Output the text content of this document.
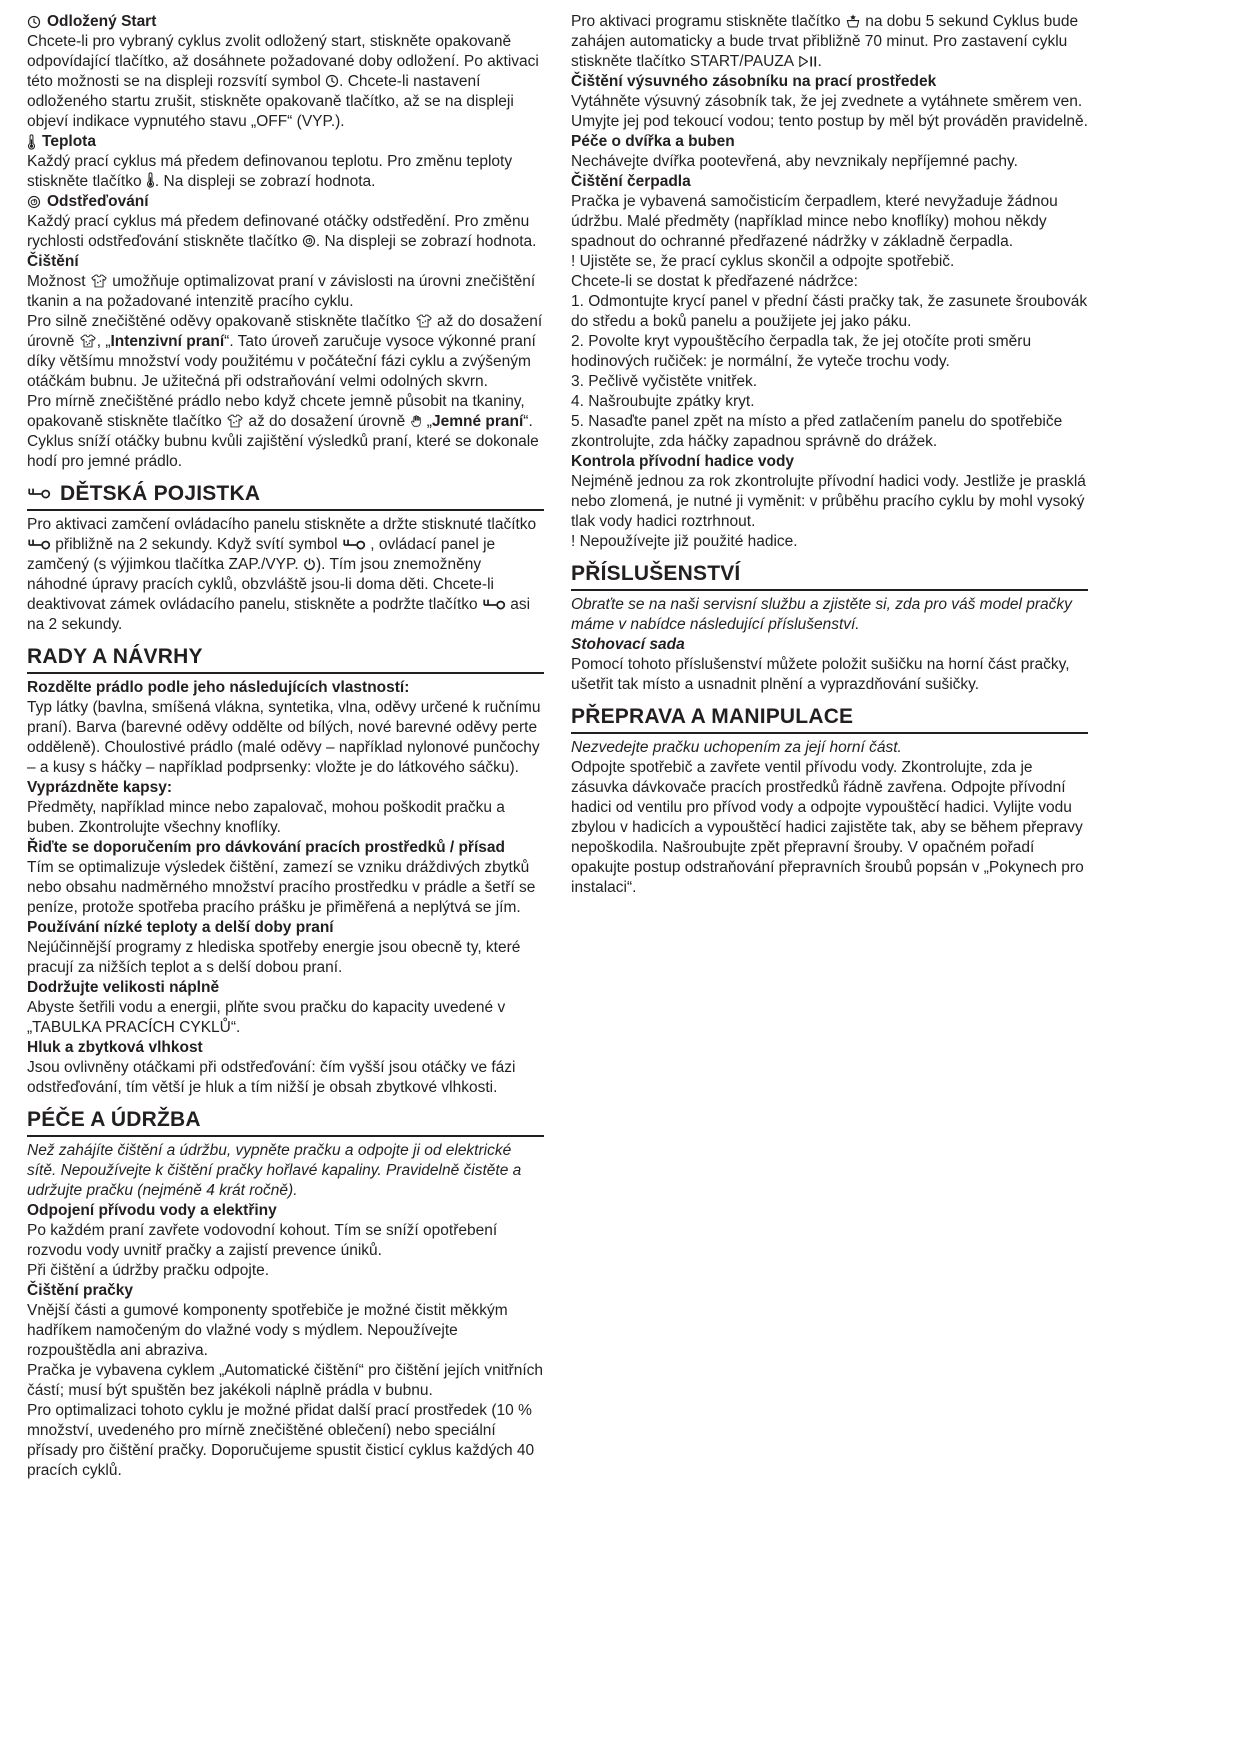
Odložený Start

Chcete-li pro vybraný cyklus zvolit odložený start, stiskněte opakovaně odpovídající tlačítko, až dosáhnete požadované doby odložení. Po aktivaci této možnosti se na displeji rozsvítí symbol . Chcete-li nastavení odloženého startu zrušit, stiskněte opakovaně tlačítko, až se na displeji objeví indikace vypnutého stavu „OFF“ (VYP.).

Teplota

Každý prací cyklus má předem definovanou teplotu. Pro změnu teploty stiskněte tlačítko . Na displeji se zobrazí hodnota.

Odstřeďování

Každý prací cyklus má předem definované otáčky odstředění. Pro změnu rychlosti odstřeďování stiskněte tlačítko . Na displeji se zobrazí hodnota.

Čištění

Možnost  umožňuje optimalizovat praní v závislosti na úrovni znečištění tkanin a na požadované intenzitě pracího cyklu.

Pro silně znečištěné oděvy opakovaně stiskněte tlačítko  až do dosažení úrovně , „Intenzivní praní“. Tato úroveň zaručuje vysoce výkonné praní díky většímu množství vody použitému v počáteční fázi cyklu a zvýšeným otáčkám bubnu. Je užitečná při odstraňování velmi odolných skvrn.

Pro mírně znečištěné prádlo nebo když chcete jemně působit na tkaniny, opakovaně stiskněte tlačítko  až do dosažení úrovně  „Jemné praní“. Cyklus sníží otáčky bubnu kvůli zajištění výsledků praní, které se dokonale hodí pro jemné prádlo.

DĚTSKÁ POJISTKA

Pro aktivaci zamčení ovládacího panelu stiskněte a držte stisknuté tlačítko  přibližně na 2 sekundy. Když svítí symbol  , ovládací panel je zamčený (s výjimkou tlačítka ZAP./VYP. ). Tím jsou znemožněny náhodné úpravy pracích cyklů, obzvláště jsou-li doma děti. Chcete-li deaktivovat zámek ovládacího panelu, stiskněte a podržte tlačítko  asi na 2 sekundy.

RADY A NÁVRHY

Rozdělte prádlo podle jeho následujících vlastností:

Typ látky (bavlna, smíšená vlákna, syntetika, vlna, oděvy určené k ručnímu praní). Barva (barevné oděvy oddělte od bílých, nové barevné oděvy perte odděleně). Choulostivé prádlo (malé oděvy – například nylonové punčochy – a kusy s háčky – například podprsenky: vložte je do látkového sáčku).

Vyprázdněte kapsy:

Předměty, například mince nebo zapalovač, mohou poškodit pračku a buben. Zkontrolujte všechny knoflíky.

Řiďte se doporučením pro dávkování pracích prostředků / přísad

Tím se optimalizuje výsledek čištění, zamezí se vzniku dráždivých zbytků nebo obsahu nadměrného množství pracího prostředku v prádle a šetří se peníze, protože spotřeba pracího prášku je přiměřená a neplýtvá se jím.

Používání nízké teploty a delší doby praní

Nejúčinnější programy z hlediska spotřeby energie jsou obecně ty, které pracují za nižších teplot a s delší dobou praní.

Dodržujte velikosti náplně

Abyste šetřili vodu a energii, plňte svou pračku do kapacity uvedené v „TABULKA PRACÍCH CYKLŮ“.

Hluk a zbytková vlhkost

Jsou ovlivněny otáčkami při odstřeďování: čím vyšší jsou otáčky ve fázi odstřeďování, tím větší je hluk a tím nižší je obsah zbytkové vlhkosti.

PÉČE A ÚDRŽBA

Než zahájíte čištění a údržbu, vypněte pračku a odpojte ji od elektrické sítě. Nepoužívejte k čištění pračky hořlavé kapaliny. Pravidelně čistěte a udržujte pračku (nejméně 4 krát ročně).

Odpojení přívodu vody a elektřiny

Po každém praní zavřete vodovodní kohout. Tím se sníží opotřebení rozvodu vody uvnitř pračky a zajistí prevence úniků.

Při čištění a údržby pračku odpojte.

Čištění pračky

Vnější části a gumové komponenty spotřebiče je možné čistit měkkým hadříkem namočeným do vlažné vody s mýdlem. Nepoužívejte rozpouštědla ani abraziva.

Pračka je vybavena cyklem „Automatické čištění“ pro čištění jejích vnitřních částí; musí být spuštěn bez jakékoli náplně prádla v bubnu.

Pro optimalizaci tohoto cyklu je možné přidat další prací prostředek (10 % množství, uvedeného pro mírně znečištěné oblečení) nebo speciální přísady pro čištění pračky. Doporučujeme spustit čisticí cyklus každých 40 pracích cyklů.

Pro aktivaci programu stiskněte tlačítko  na dobu 5 sekund Cyklus bude zahájen automaticky a bude trvat přibližně 70 minut. Pro zastavení cyklu stiskněte tlačítko START/PAUZA .

Čištění výsuvného zásobníku na prací prostředek

Vytáhněte výsuvný zásobník tak, že jej zvednete a vytáhnete směrem ven. Umyjte jej pod tekoucí vodou; tento postup by měl být prováděn pravidelně.

Péče o dvířka a buben

Nechávejte dvířka pootevřená, aby nevznikaly nepříjemné pachy.

Čištění čerpadla

Pračka je vybavená samočisticím čerpadlem, které nevyžaduje žádnou údržbu. Malé předměty (například mince nebo knoflíky) mohou někdy spadnout do ochranné předřazené nádržky v základně čerpadla.

! Ujistěte se, že prací cyklus skončil a odpojte spotřebič.

Chcete-li se dostat k předřazené nádržce:

1. Odmontujte krycí panel v přední části pračky tak, že zasunete šroubovák do středu a boků panelu a použijete jej jako páku.

2. Povolte kryt vypouštěcího čerpadla tak, že jej otočíte proti směru hodinových ručiček: je normální, že vyteče trochu vody.

3. Pečlivě vyčistěte vnitřek.

4. Našroubujte zpátky kryt.

5. Nasaďte panel zpět na místo a před zatlačením panelu do spotřebiče zkontrolujte, zda háčky zapadnou správně do drážek.

Kontrola přívodní hadice vody

Nejméně jednou za rok zkontrolujte přívodní hadici vody. Jestliže je prasklá nebo zlomená, je nutné ji vyměnit: v průběhu pracího cyklu by mohl vysoký tlak vody hadici roztrhnout.

! Nepoužívejte již použité hadice.

PŘÍSLUŠENSTVÍ

Obraťte se na naši servisní službu a zjistěte si, zda pro váš model pračky máme v nabídce následující příslušenství.

Stohovací sada

Pomocí tohoto příslušenství můžete položit sušičku na horní část pračky, ušetřit tak místo a usnadnit plnění a vyprazdňování sušičky.

PŘEPRAVA A MANIPULACE

Nezvedejte pračku uchopením za její horní část.

Odpojte spotřebič a zavřete ventil přívodu vody. Zkontrolujte, zda je zásuvka dávkovače pracích prostředků řádně zavřena. Odpojte přívodní hadici od ventilu pro přívod vody a odpojte vypouštěcí hadici. Vylijte vodu zbylou v hadicích a vypouštěcí hadici zajistěte tak, aby se během přepravy nepoškodila. Našroubujte zpět přepravní šrouby. V opačném pořadí opakujte postup odstraňování přepravních šroubů popsán v „Pokynech pro instalaci“.
